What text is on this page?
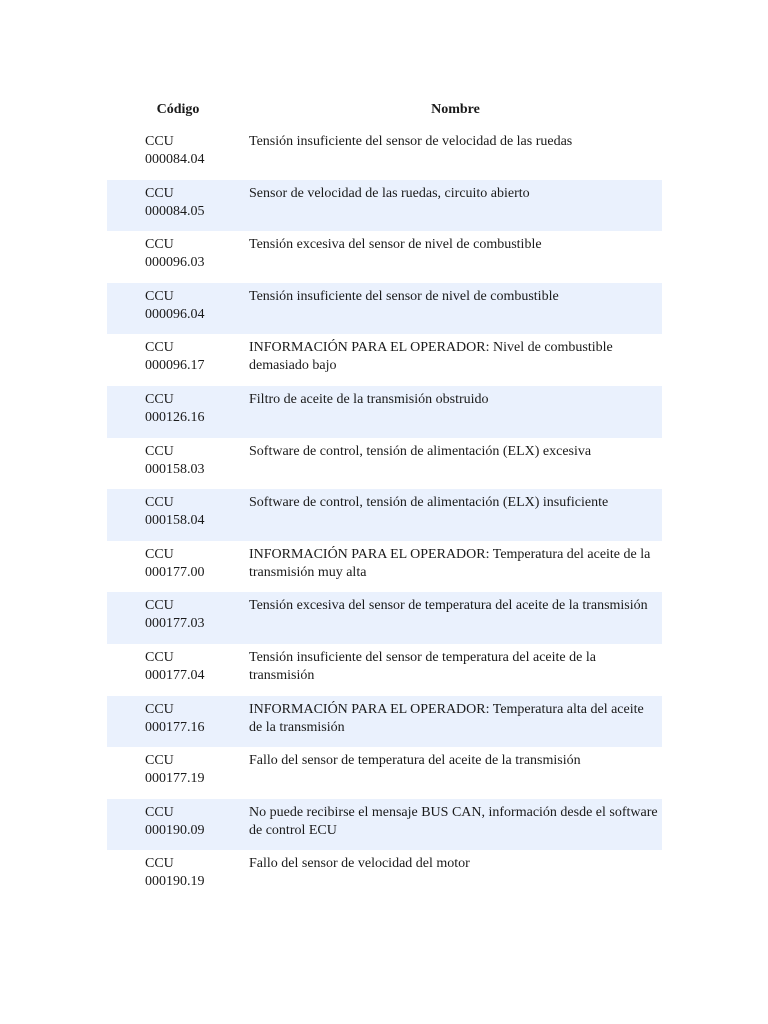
Código	Nombre
CCU
000084.04
Tensión insuficiente del sensor de velocidad de las ruedas
CCU
000084.05
Sensor de velocidad de las ruedas, circuito abierto
CCU
000096.03
Tensión excesiva del sensor de nivel de combustible
CCU
000096.04
Tensión insuficiente del sensor de nivel de combustible
CCU
000096.17
INFORMACIÓN PARA EL OPERADOR: Nivel de combustible demasiado bajo
CCU
000126.16
Filtro de aceite de la transmisión obstruido
CCU
000158.03
Software de control, tensión de alimentación (ELX) excesiva
CCU
000158.04
Software de control, tensión de alimentación (ELX) insuficiente
CCU
000177.00
INFORMACIÓN PARA EL OPERADOR: Temperatura del aceite de la transmisión muy alta
CCU
000177.03
Tensión excesiva del sensor de temperatura del aceite de la transmisión
CCU
000177.04
Tensión insuficiente del sensor de temperatura del aceite de la transmisión
CCU
000177.16
INFORMACIÓN PARA EL OPERADOR: Temperatura alta del aceite de la transmisión
CCU
000177.19
Fallo del sensor de temperatura del aceite de la transmisión
CCU
000190.09
No puede recibirse el mensaje BUS CAN, información desde el software de control ECU
CCU
000190.19
Fallo del sensor de velocidad del motor
